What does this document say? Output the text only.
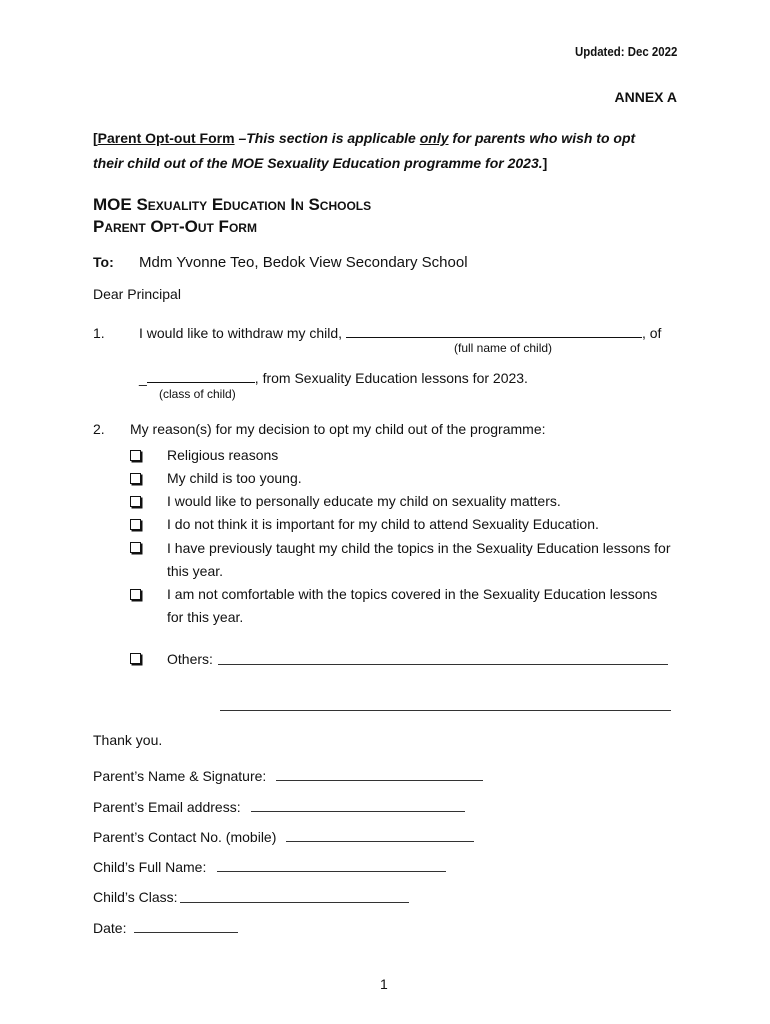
Updated: Dec 2022
ANNEX A
[Parent Opt-out Form –This section is applicable only for parents who wish to opt
their child out of the MOE Sexuality Education programme for 2023.]
MOE Sexuality Education In Schools
Parent Opt-Out Form
To: Mdm Yvonne Teo, Bedok View Secondary School
Dear Principal
1. I would like to withdraw my child,	, of
(full name of child)
_	, from Sexuality Education lessons for 2023.
(class of child)
2. My reason(s) for my decision to opt my child out of the programme:
Religious reasons
My child is too young.
I would like to personally educate my child on sexuality matters.
I do not think it is important for my child to attend Sexuality Education.
I have previously taught my child the topics in the Sexuality Education lessons for
this year.
I am not comfortable with the topics covered in the Sexuality Education lessons
for this year.
Others:
Thank you.
Parent’s Name & Signature:
Parent’s Email address:
Parent’s Contact No. (mobile)
Child’s Full Name:
Child’s Class:
Date:
1
